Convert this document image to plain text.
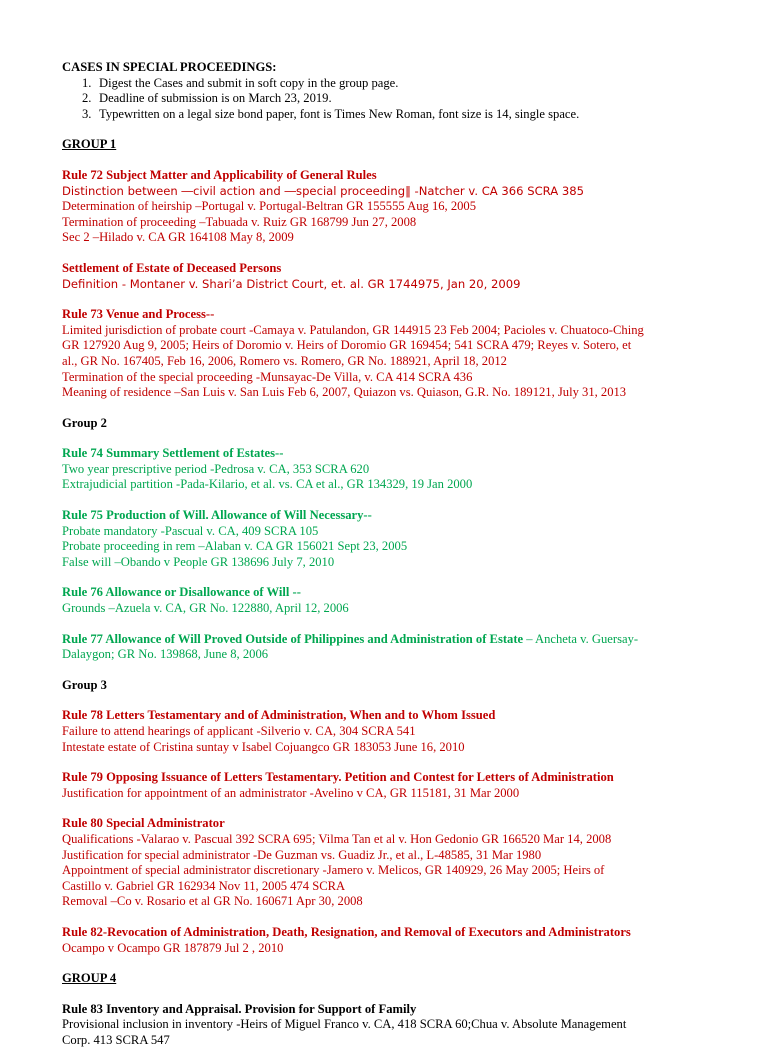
CASES IN SPECIAL PROCEEDINGS:
1. Digest the Cases and submit in soft copy in the group page.
2. Deadline of submission is on March 23, 2019.
3. Typewritten on a legal size bond paper, font is Times New Roman, font size is 14, single space.
GROUP 1
Rule 72 Subject Matter and Applicability of General Rules
Distinction between ―civil action and ―special proceeding‖ -Natcher v. CA 366 SCRA 385
Determination of heirship –Portugal v. Portugal-Beltran GR 155555 Aug 16, 2005
Termination of proceeding –Tabuada v. Ruiz GR 168799 Jun 27, 2008
Sec 2 –Hilado v. CA GR 164108 May 8, 2009
Settlement of Estate of Deceased Persons
Definition - Montaner v. Shari’a District Court, et. al. GR 1744975, Jan 20, 2009
Rule 73 Venue and Process--
Limited jurisdiction of probate court -Camaya v. Patulandon, GR 144915 23 Feb 2004; Pacioles v. Chuatoco-Ching
GR 127920 Aug 9, 2005; Heirs of Doromio v. Heirs of Doromio GR 169454; 541 SCRA 479; Reyes v. Sotero, et
al., GR No. 167405, Feb 16, 2006, Romero vs. Romero, GR No. 188921, April 18, 2012
Termination of the special proceeding -Munsayac-De Villa, v. CA 414 SCRA 436
Meaning of residence –San Luis v. San Luis Feb 6, 2007, Quiazon vs. Quiason, G.R. No. 189121, July 31, 2013
Group 2
Rule 74 Summary Settlement of Estates--
Two year prescriptive period -Pedrosa v. CA, 353 SCRA 620
Extrajudicial partition -Pada-Kilario, et al. vs. CA et al., GR 134329, 19 Jan 2000
Rule 75 Production of Will. Allowance of Will Necessary--
Probate mandatory -Pascual v. CA, 409 SCRA 105
Probate proceeding in rem –Alaban v. CA GR 156021 Sept 23, 2005
False will –Obando v People GR 138696 July 7, 2010
Rule 76 Allowance or Disallowance of Will --
Grounds –Azuela v. CA, GR No. 122880, April 12, 2006
Rule 77 Allowance of Will Proved Outside of Philippines and Administration of Estate – Ancheta v. Guersay-
Dalaygon; GR No. 139868, June 8, 2006
Group 3
Rule 78 Letters Testamentary and of Administration, When and to Whom Issued
Failure to attend hearings of applicant -Silverio v. CA, 304 SCRA 541
Intestate estate of Cristina suntay v Isabel Cojuangco GR 183053 June 16, 2010
Rule 79 Opposing Issuance of Letters Testamentary. Petition and Contest for Letters of Administration
Justification for appointment of an administrator -Avelino v CA, GR 115181, 31 Mar 2000
Rule 80 Special Administrator
Qualifications -Valarao v. Pascual 392 SCRA 695; Vilma Tan et al v. Hon Gedonio GR 166520 Mar 14, 2008
Justification for special administrator -De Guzman vs. Guadiz Jr., et al., L-48585, 31 Mar 1980
Appointment of special administrator discretionary -Jamero v. Melicos, GR 140929, 26 May 2005; Heirs of
Castillo v. Gabriel GR 162934 Nov 11, 2005 474 SCRA
Removal –Co v. Rosario et al GR No. 160671 Apr 30, 2008
Rule 82-Revocation of Administration, Death, Resignation, and Removal of Executors and Administrators
Ocampo v Ocampo GR 187879 Jul 2 , 2010
GROUP 4
Rule 83 Inventory and Appraisal. Provision for Support of Family
Provisional inclusion in inventory -Heirs of Miguel Franco v. CA, 418 SCRA 60;Chua v. Absolute Management
Corp. 413 SCRA 547
